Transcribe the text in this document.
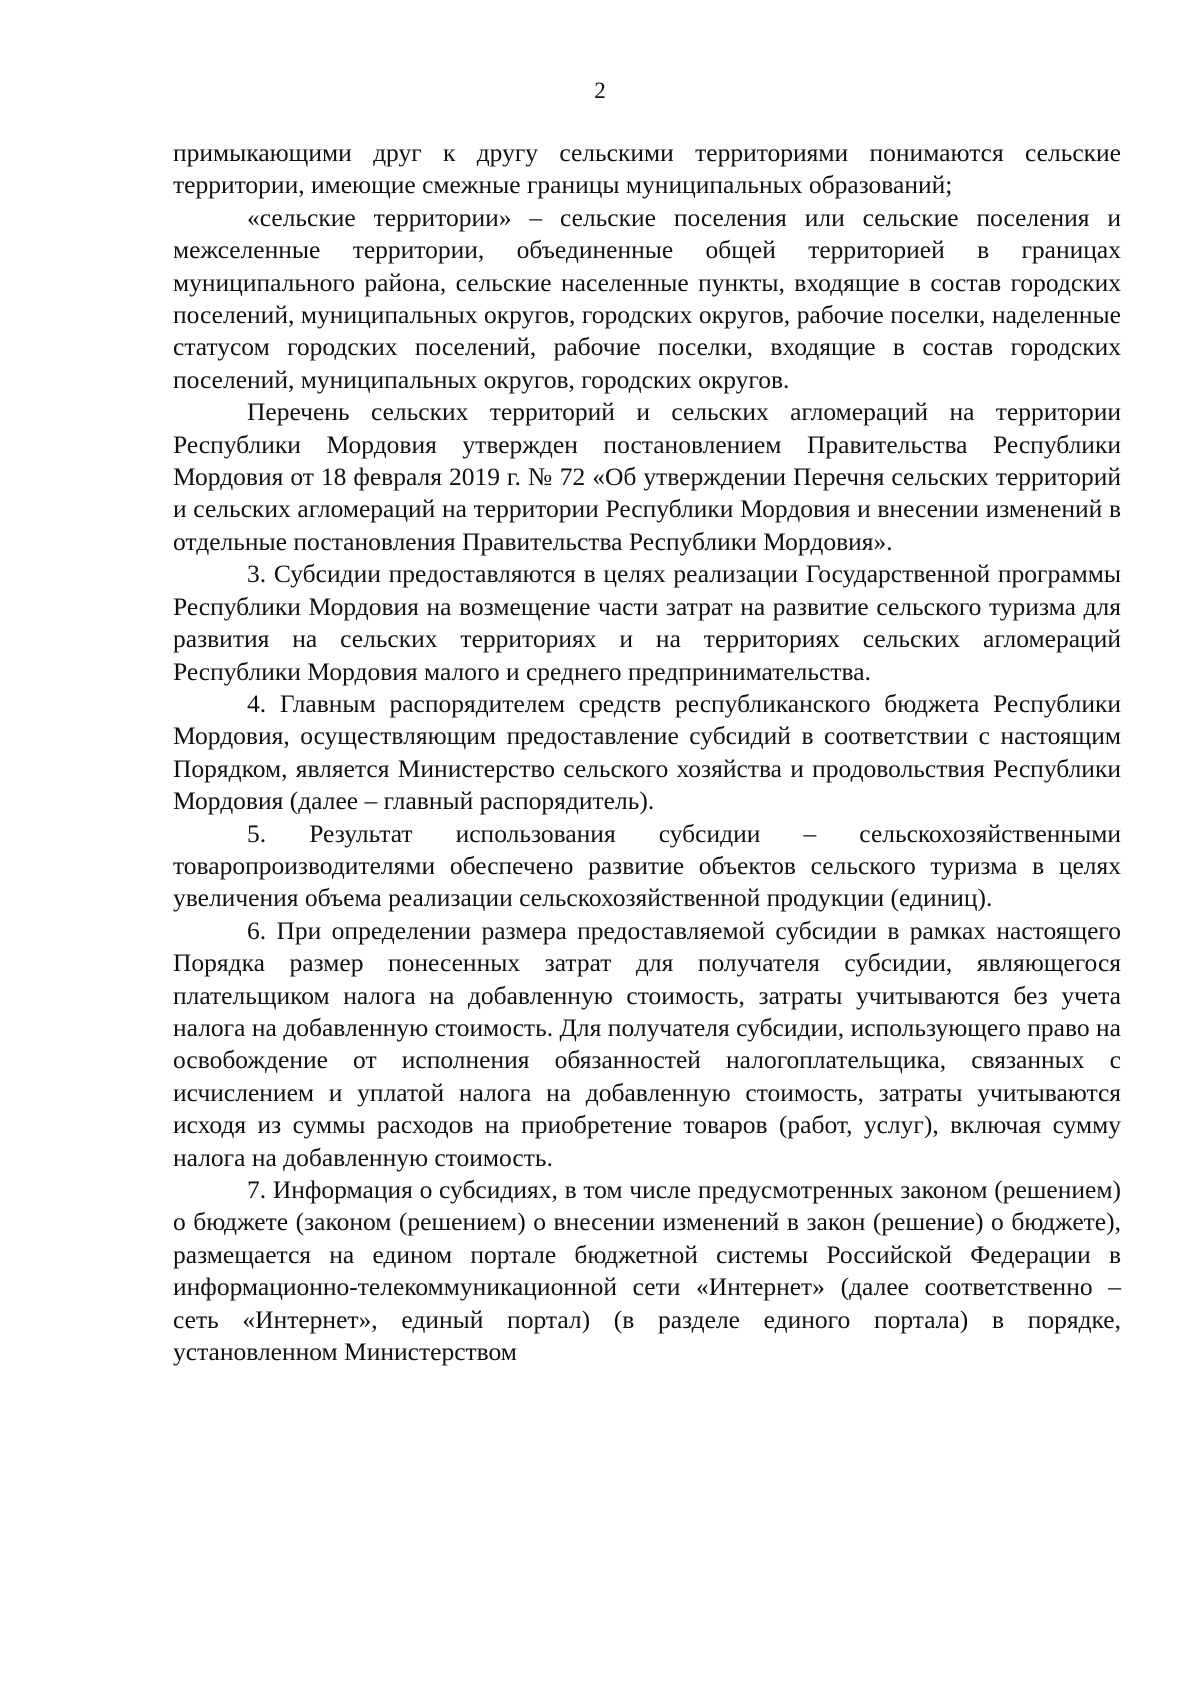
2

примыкающими друг к другу сельскими территориями понимаются сельские территории, имеющие смежные границы муниципальных образований;

«сельские территории» – сельские поселения или сельские поселения и межселенные территории, объединенные общей территорией в границах муниципального района, сельские населенные пункты, входящие в состав городских поселений, муниципальных округов, городских округов, рабочие поселки, наделенные статусом городских поселений, рабочие поселки, входящие в состав городских поселений, муниципальных округов, городских округов.

Перечень сельских территорий и сельских агломераций на территории Республики Мордовия утвержден постановлением Правительства Республики Мордовия от 18 февраля 2019 г. № 72 «Об утверждении Перечня сельских территорий и сельских агломераций на территории Республики Мордовия и внесении изменений в отдельные постановления Правительства Республики Мордовия».

3. Субсидии предоставляются в целях реализации Государственной программы Республики Мордовия на возмещение части затрат на развитие сельского туризма для развития на сельских территориях и на территориях сельских агломераций Республики Мордовия малого и среднего предпринимательства.

4. Главным распорядителем средств республиканского бюджета Республики Мордовия, осуществляющим предоставление субсидий в соответствии с настоящим Порядком, является Министерство сельского хозяйства и продовольствия Республики Мордовия (далее – главный распорядитель).

5. Результат использования субсидии – сельскохозяйственными товаропроизводителями обеспечено развитие объектов сельского туризма в целях увеличения объема реализации сельскохозяйственной продукции (единиц).

6. При определении размера предоставляемой субсидии в рамках настоящего Порядка размер понесенных затрат для получателя субсидии, являющегося плательщиком налога на добавленную стоимость, затраты учитываются без учета налога на добавленную стоимость. Для получателя субсидии, использующего право на освобождение от исполнения обязанностей налогоплательщика, связанных с исчислением и уплатой налога на добавленную стоимость, затраты учитываются исходя из суммы расходов на приобретение товаров (работ, услуг), включая сумму налога на добавленную стоимость.

7. Информация о субсидиях, в том числе предусмотренных законом (решением) о бюджете (законом (решением) о внесении изменений в закон (решение) о бюджете), размещается на едином портале бюджетной системы Российской Федерации в информационно-телекоммуникационной сети «Интернет» (далее соответственно – сеть «Интернет», единый портал) (в разделе единого портала) в порядке, установленном Министерством
